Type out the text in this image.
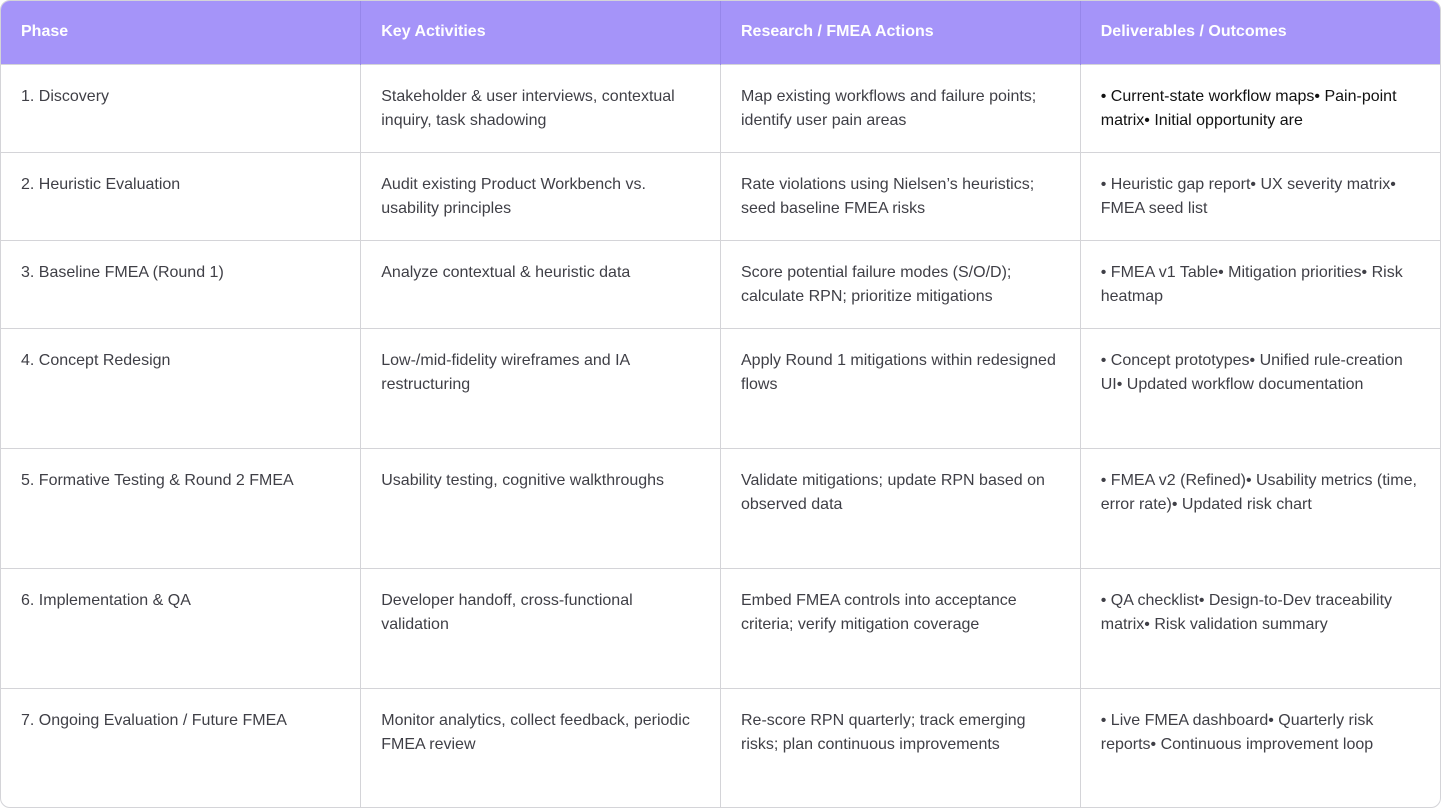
Phase	Key Activities	Research / FMEA Actions	Deliverables / Outcomes
1. Discovery	Stakeholder & user interviews, contextual inquiry, task shadowing	Map existing workflows and failure points; identify user pain areas	• Current-state workflow maps• Pain-point matrix• Initial opportunity are
2. Heuristic Evaluation	Audit existing Product Workbench vs. usability principles	Rate violations using Nielsen’s heuristics; seed baseline FMEA risks	• Heuristic gap report• UX severity matrix• FMEA seed list
3. Baseline FMEA (Round 1)	Analyze contextual & heuristic data	Score potential failure modes (S/O/D); calculate RPN; prioritize mitigations	• FMEA v1 Table• Mitigation priorities• Risk heatmap
4. Concept Redesign	Low-/mid-fidelity wireframes and IA restructuring	Apply Round 1 mitigations within redesigned flows	• Concept prototypes• Unified rule-creation UI• Updated workflow documentation
5. Formative Testing & Round 2 FMEA	Usability testing, cognitive walkthroughs	Validate mitigations; update RPN based on observed data	• FMEA v2 (Refined)• Usability metrics (time, error rate)• Updated risk chart
6. Implementation & QA	Developer handoff, cross-functional validation	Embed FMEA controls into acceptance criteria; verify mitigation coverage	• QA checklist• Design-to-Dev traceability matrix• Risk validation summary
7. Ongoing Evaluation / Future FMEA	Monitor analytics, collect feedback, periodic FMEA review	Re-score RPN quarterly; track emerging risks; plan continuous improvements	• Live FMEA dashboard• Quarterly risk reports• Continuous improvement loop
